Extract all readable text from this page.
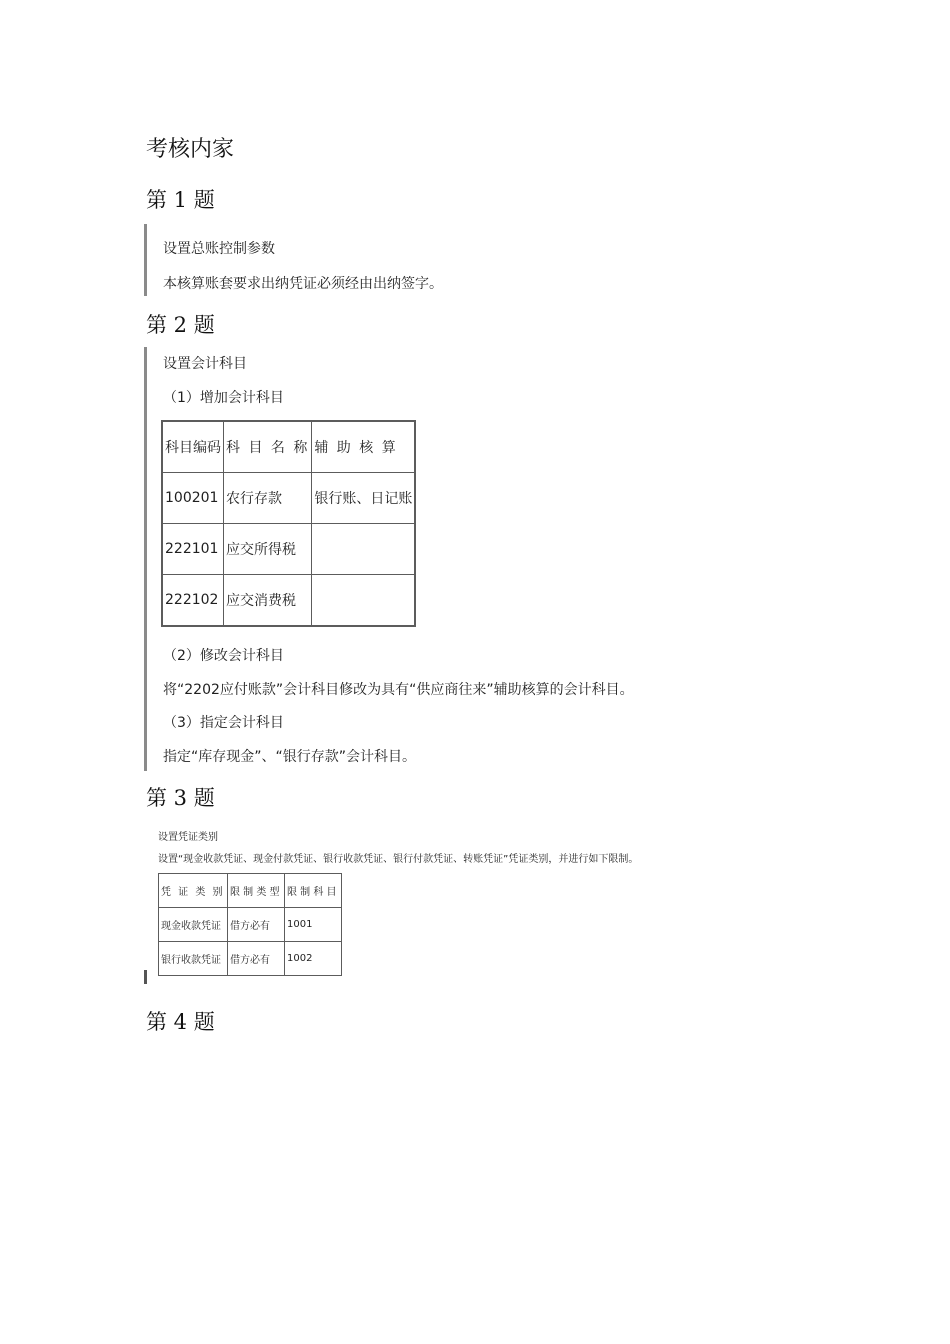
考核内家
第 1 题
设置总账控制参数
本核算账套要求出纳凭证必须经由出纳签字。
第 2 题
设置会计科目
（1）增加会计科目
科目编码	科 目 名 称	辅 助 核 算
100201	农行存款	银行账、日记账
222101	应交所得税	
222102	应交消费税	
（2）修改会计科目
将“2202应付账款”会计科目修改为具有“供应商往来”辅助核算的会计科目。
（3）指定会计科目
指定“库存现金”、“银行存款”会计科目。
第 3 题
设置凭证类别
设置“现金收款凭证、现金付款凭证、银行收款凭证、银行付款凭证、转账凭证”凭证类别，并进行如下限制。
凭 证 类 别	限 制 类 型	限 制 科 目
现金收款凭证	借方必有	1001
银行收款凭证	借方必有	1002
第 4 题
